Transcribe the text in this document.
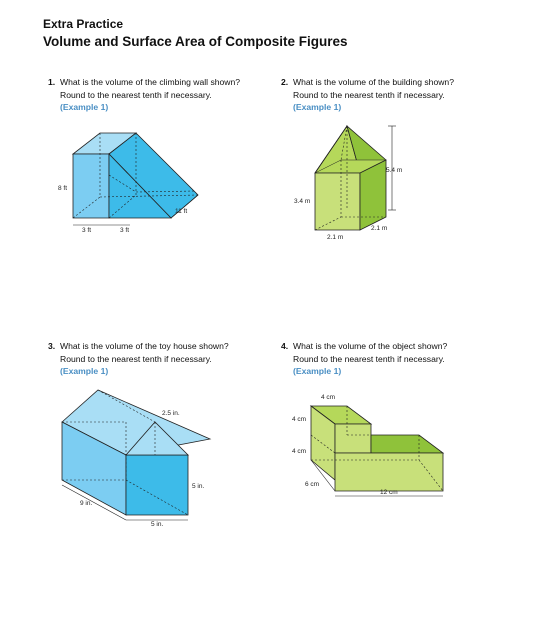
Extra Practice
Volume and Surface Area of Composite Figures
1. What is the volume of the climbing wall shown?
Round to the nearest tenth if necessary.
(Example 1)
2. What is the volume of the building shown?
Round to the nearest tenth if necessary.
(Example 1)
3. What is the volume of the toy house shown?
Round to the nearest tenth if necessary.
(Example 1)
4. What is the volume of the object shown?
Round to the nearest tenth if necessary.
(Example 1)
8 ft
3 ft	3 ft
11 ft
5.4 m
3.4 m
2.1 m
2.1 m
2.5 in.
5 in.
9 in.
5 in.
4 cm
4 cm
4 cm
6 cm
12 cm
